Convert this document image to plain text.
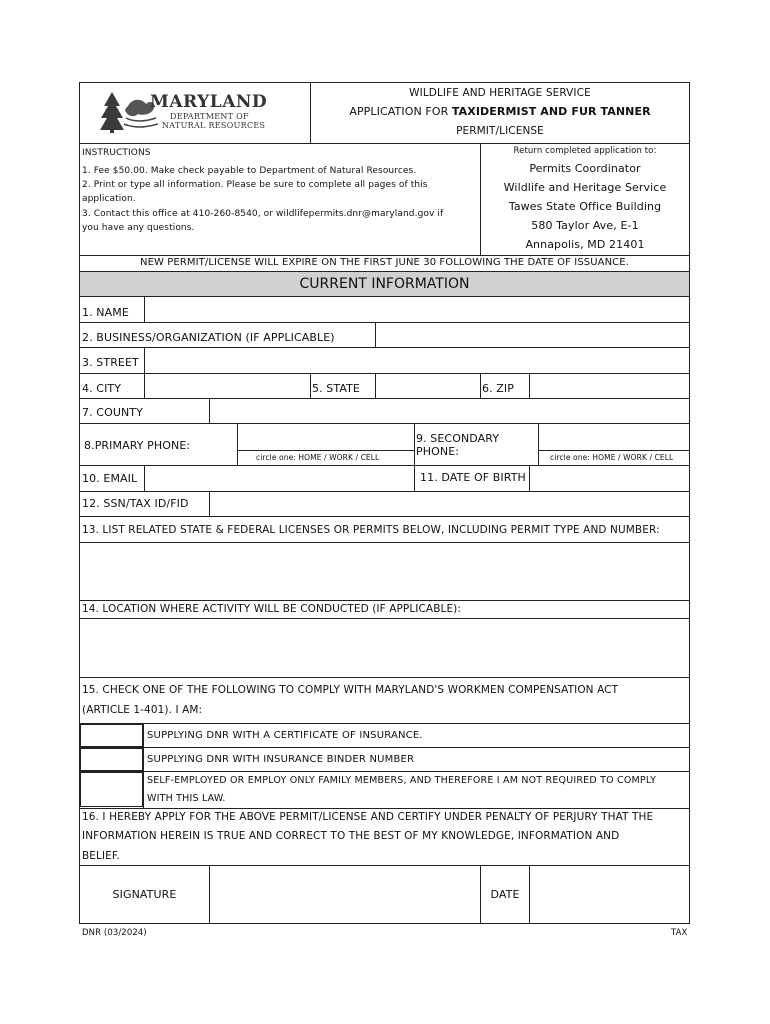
MARYLAND
DEPARTMENT OF
NATURAL RESOURCES
WILDLIFE AND HERITAGE SERVICE
APPLICATION FOR TAXIDERMIST AND FUR TANNER
PERMIT/LICENSE
INSTRUCTIONS
1. Fee $50.00. Make check payable to Department of Natural Resources.
2. Print or type all information. Please be sure to complete all pages of this
application.
3. Contact this office at 410-260-8540, or wildlifepermits.dnr@maryland.gov if
you have any questions.
Return completed application to:
Permits Coordinator
Wildlife and Heritage Service
Tawes State Office Building
580 Taylor Ave, E-1
Annapolis, MD 21401
NEW PERMIT/LICENSE WILL EXPIRE ON THE FIRST JUNE 30 FOLLOWING THE DATE OF ISSUANCE.
CURRENT INFORMATION
1. NAME
2. BUSINESS/ORGANIZATION (IF APPLICABLE)
3. STREET
4. CITY	5. STATE	6. ZIP
7. COUNTY
8.PRIMARY PHONE:
circle one: HOME / WORK / CELL
9. SECONDARY
PHONE:	circle one: HOME / WORK / CELL
10. EMAIL	11. DATE OF BIRTH
12. SSN/TAX ID/FID
13. LIST RELATED STATE & FEDERAL LICENSES OR PERMITS BELOW, INCLUDING PERMIT TYPE AND NUMBER:
14. LOCATION WHERE ACTIVITY WILL BE CONDUCTED (IF APPLICABLE):
15. CHECK ONE OF THE FOLLOWING TO COMPLY WITH MARYLAND'S WORKMEN COMPENSATION ACT
(ARTICLE 1-401). I AM:
SUPPLYING DNR WITH A CERTIFICATE OF INSURANCE.
SUPPLYING DNR WITH INSURANCE BINDER NUMBER
SELF-EMPLOYED OR EMPLOY ONLY FAMILY MEMBERS, AND THEREFORE I AM NOT REQUIRED TO COMPLY
WITH THIS LAW.
16. I HEREBY APPLY FOR THE ABOVE PERMIT/LICENSE AND CERTIFY UNDER PENALTY OF PERJURY THAT THE
INFORMATION HEREIN IS TRUE AND CORRECT TO THE BEST OF MY KNOWLEDGE, INFORMATION AND
BELIEF.
SIGNATURE	DATE
DNR (03/2024)	TAX
